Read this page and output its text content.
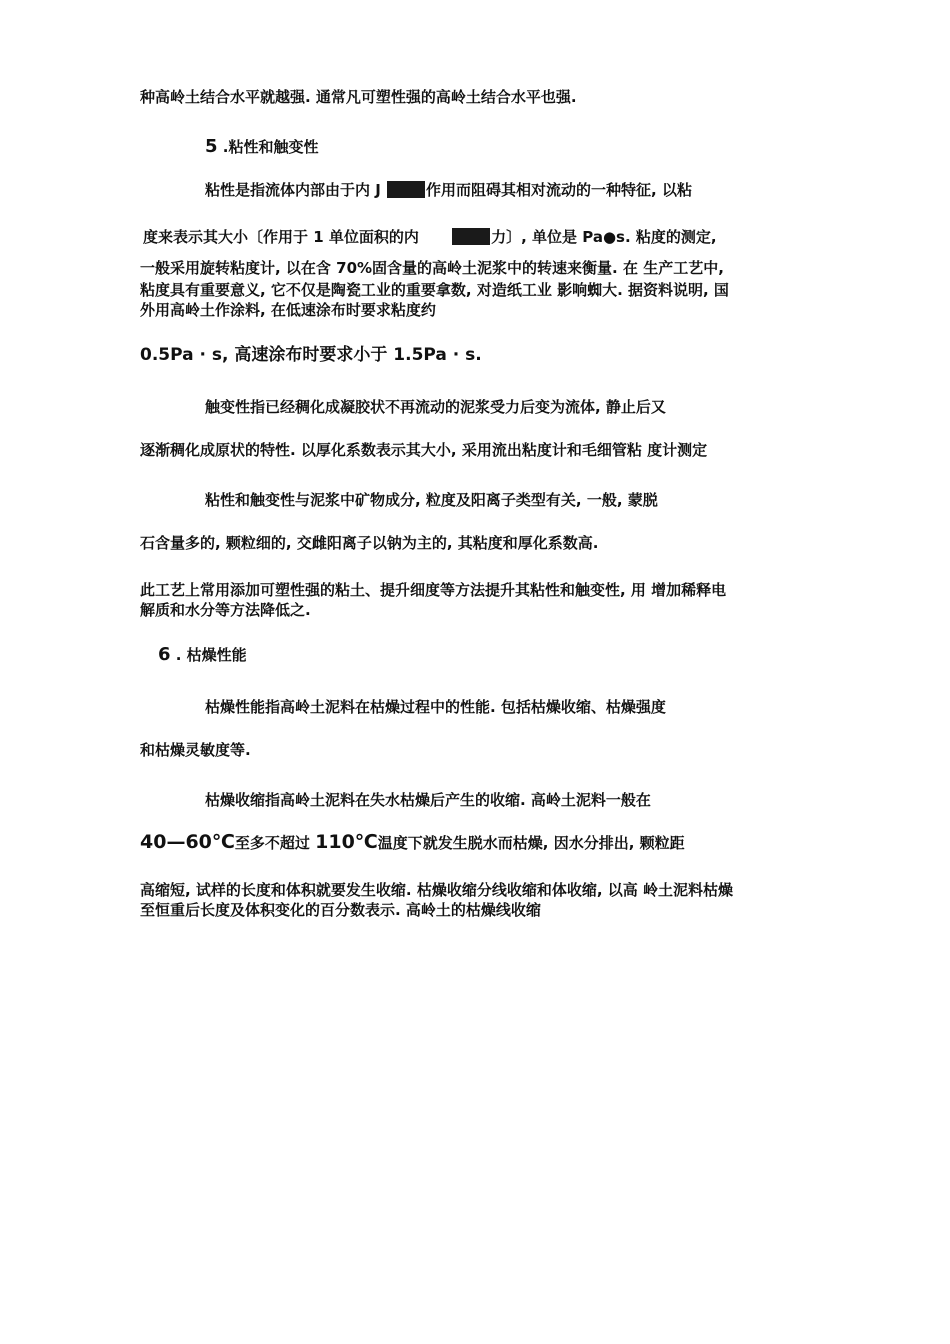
种高岭土结合水平就越强. 通常凡可塑性强的高岭土结合水平也强.
5 .粘性和触变性
粘性是指流体内部由于内 J	作用而阻碍其相对流动的一种特征, 以粘
度来表示其大小〔作用于 1 单位面积的内	力〕, 单位是 Pa●s. 粘度的测定,
一般采用旋转粘度计, 以在含 70%固含量的高岭土泥浆中的转速来衡量. 在 生产工艺中,
粘度具有重要意义, 它不仅是陶瓷工业的重要拿数, 对造纸工业 影响蜘大. 据资料说明, 国
外用高岭土作涂料, 在低速涂布时要求粘度约
0.5Pa · s, 高速涂布时要求小于 1.5Pa · s.
触变性指已经稠化成凝胶状不再流动的泥浆受力后变为流体, 静止后又
逐渐稠化成原状的特性. 以厚化系数表示其大小, 采用流出粘度计和毛细管粘 度计测定
粘性和触变性与泥浆中矿物成分, 粒度及阳离子类型有关, 一般, 蒙脱
石含量多的, 颗粒细的, 交雌阳离子以钠为主的, 其粘度和厚化系数高.
此工艺上常用添加可塑性强的粘土、提升细度等方法提升其粘性和触变性, 用 增加稀释电
解质和水分等方法降低之.
6 . 枯燥性能
枯燥性能指高岭土泥料在枯燥过程中的性能. 包括枯燥收缩、枯燥强度
和枯燥灵敏度等.
枯燥收缩指高岭土泥料在失水枯燥后产生的收缩. 高岭土泥料一般在
40—60℃至多不超过 110℃温度下就发生脱水而枯燥, 因水分排出, 颗粒距
高缩短, 试样的长度和体积就要发生收缩. 枯燥收缩分线收缩和体收缩, 以高 岭土泥料枯燥
至恒重后长度及体积变化的百分数表示. 高岭土的枯燥线收缩
